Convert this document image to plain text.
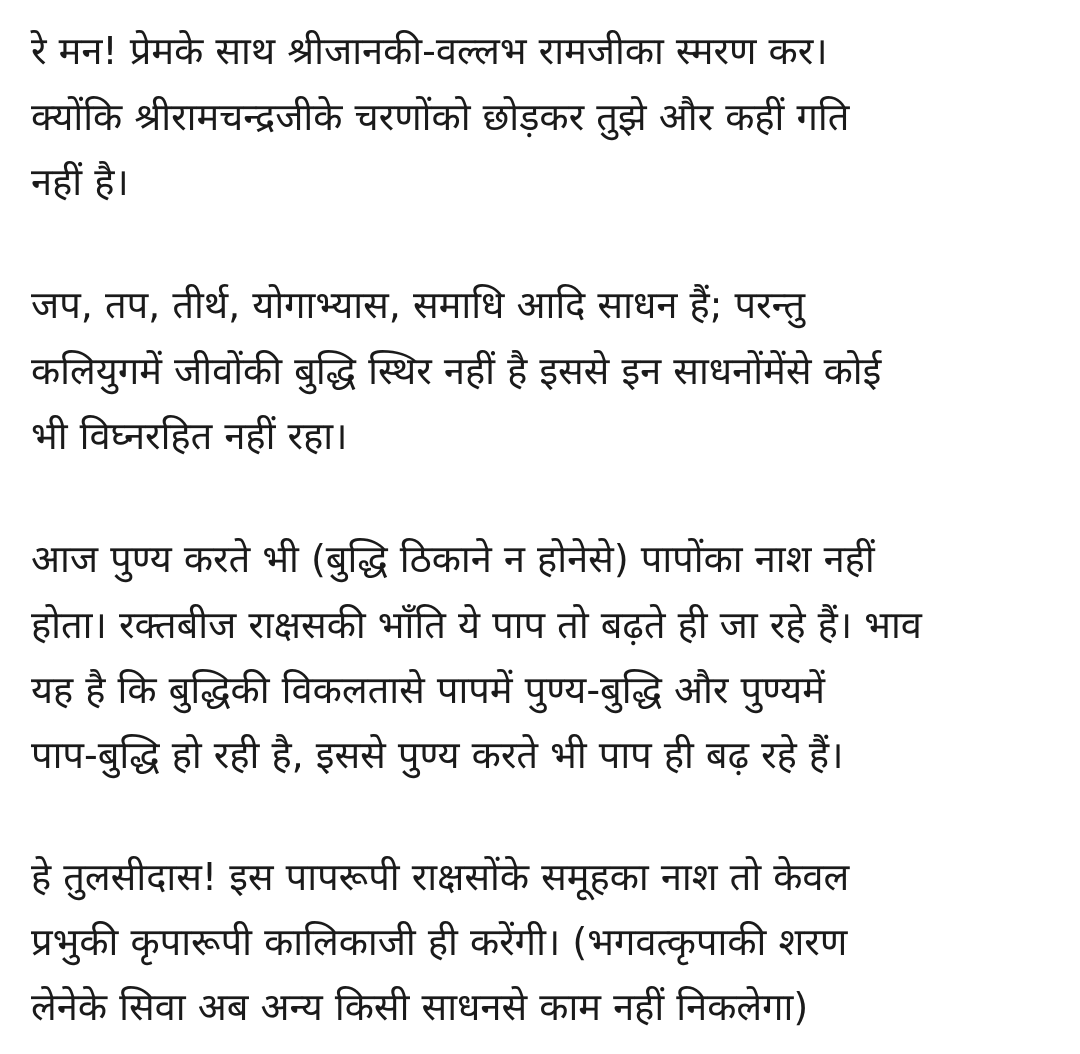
रे मन! प्रेमके साथ श्रीजानकी-वल्लभ रामजीका स्मरण कर।
क्योंकि श्रीरामचन्द्रजीके चरणोंको छोड़कर तुझे और कहीं गति
नहीं है।
जप, तप, तीर्थ, योगाभ्यास, समाधि आदि साधन हैं; परन्तु
कलियुगमें जीवोंकी बुद्धि स्थिर नहीं है इससे इन साधनोंमेंसे कोई
भी विघ्नरहित नहीं रहा।
आज पुण्य करते भी (बुद्धि ठिकाने न होनेसे) पापोंका नाश नहीं
होता। रक्तबीज राक्षसकी भाँति ये पाप तो बढ़ते ही जा रहे हैं। भाव
यह है कि बुद्धिकी विकलतासे पापमें पुण्य-बुद्धि और पुण्यमें
पाप-बुद्धि हो रही है, इससे पुण्य करते भी पाप ही बढ़ रहे हैं।
हे तुलसीदास! इस पापरूपी राक्षसोंके समूहका नाश तो केवल
प्रभुकी कृपारूपी कालिकाजी ही करेंगी। (भगवत्कृपाकी शरण
लेनेके सिवा अब अन्य किसी साधनसे काम नहीं निकलेगा)
